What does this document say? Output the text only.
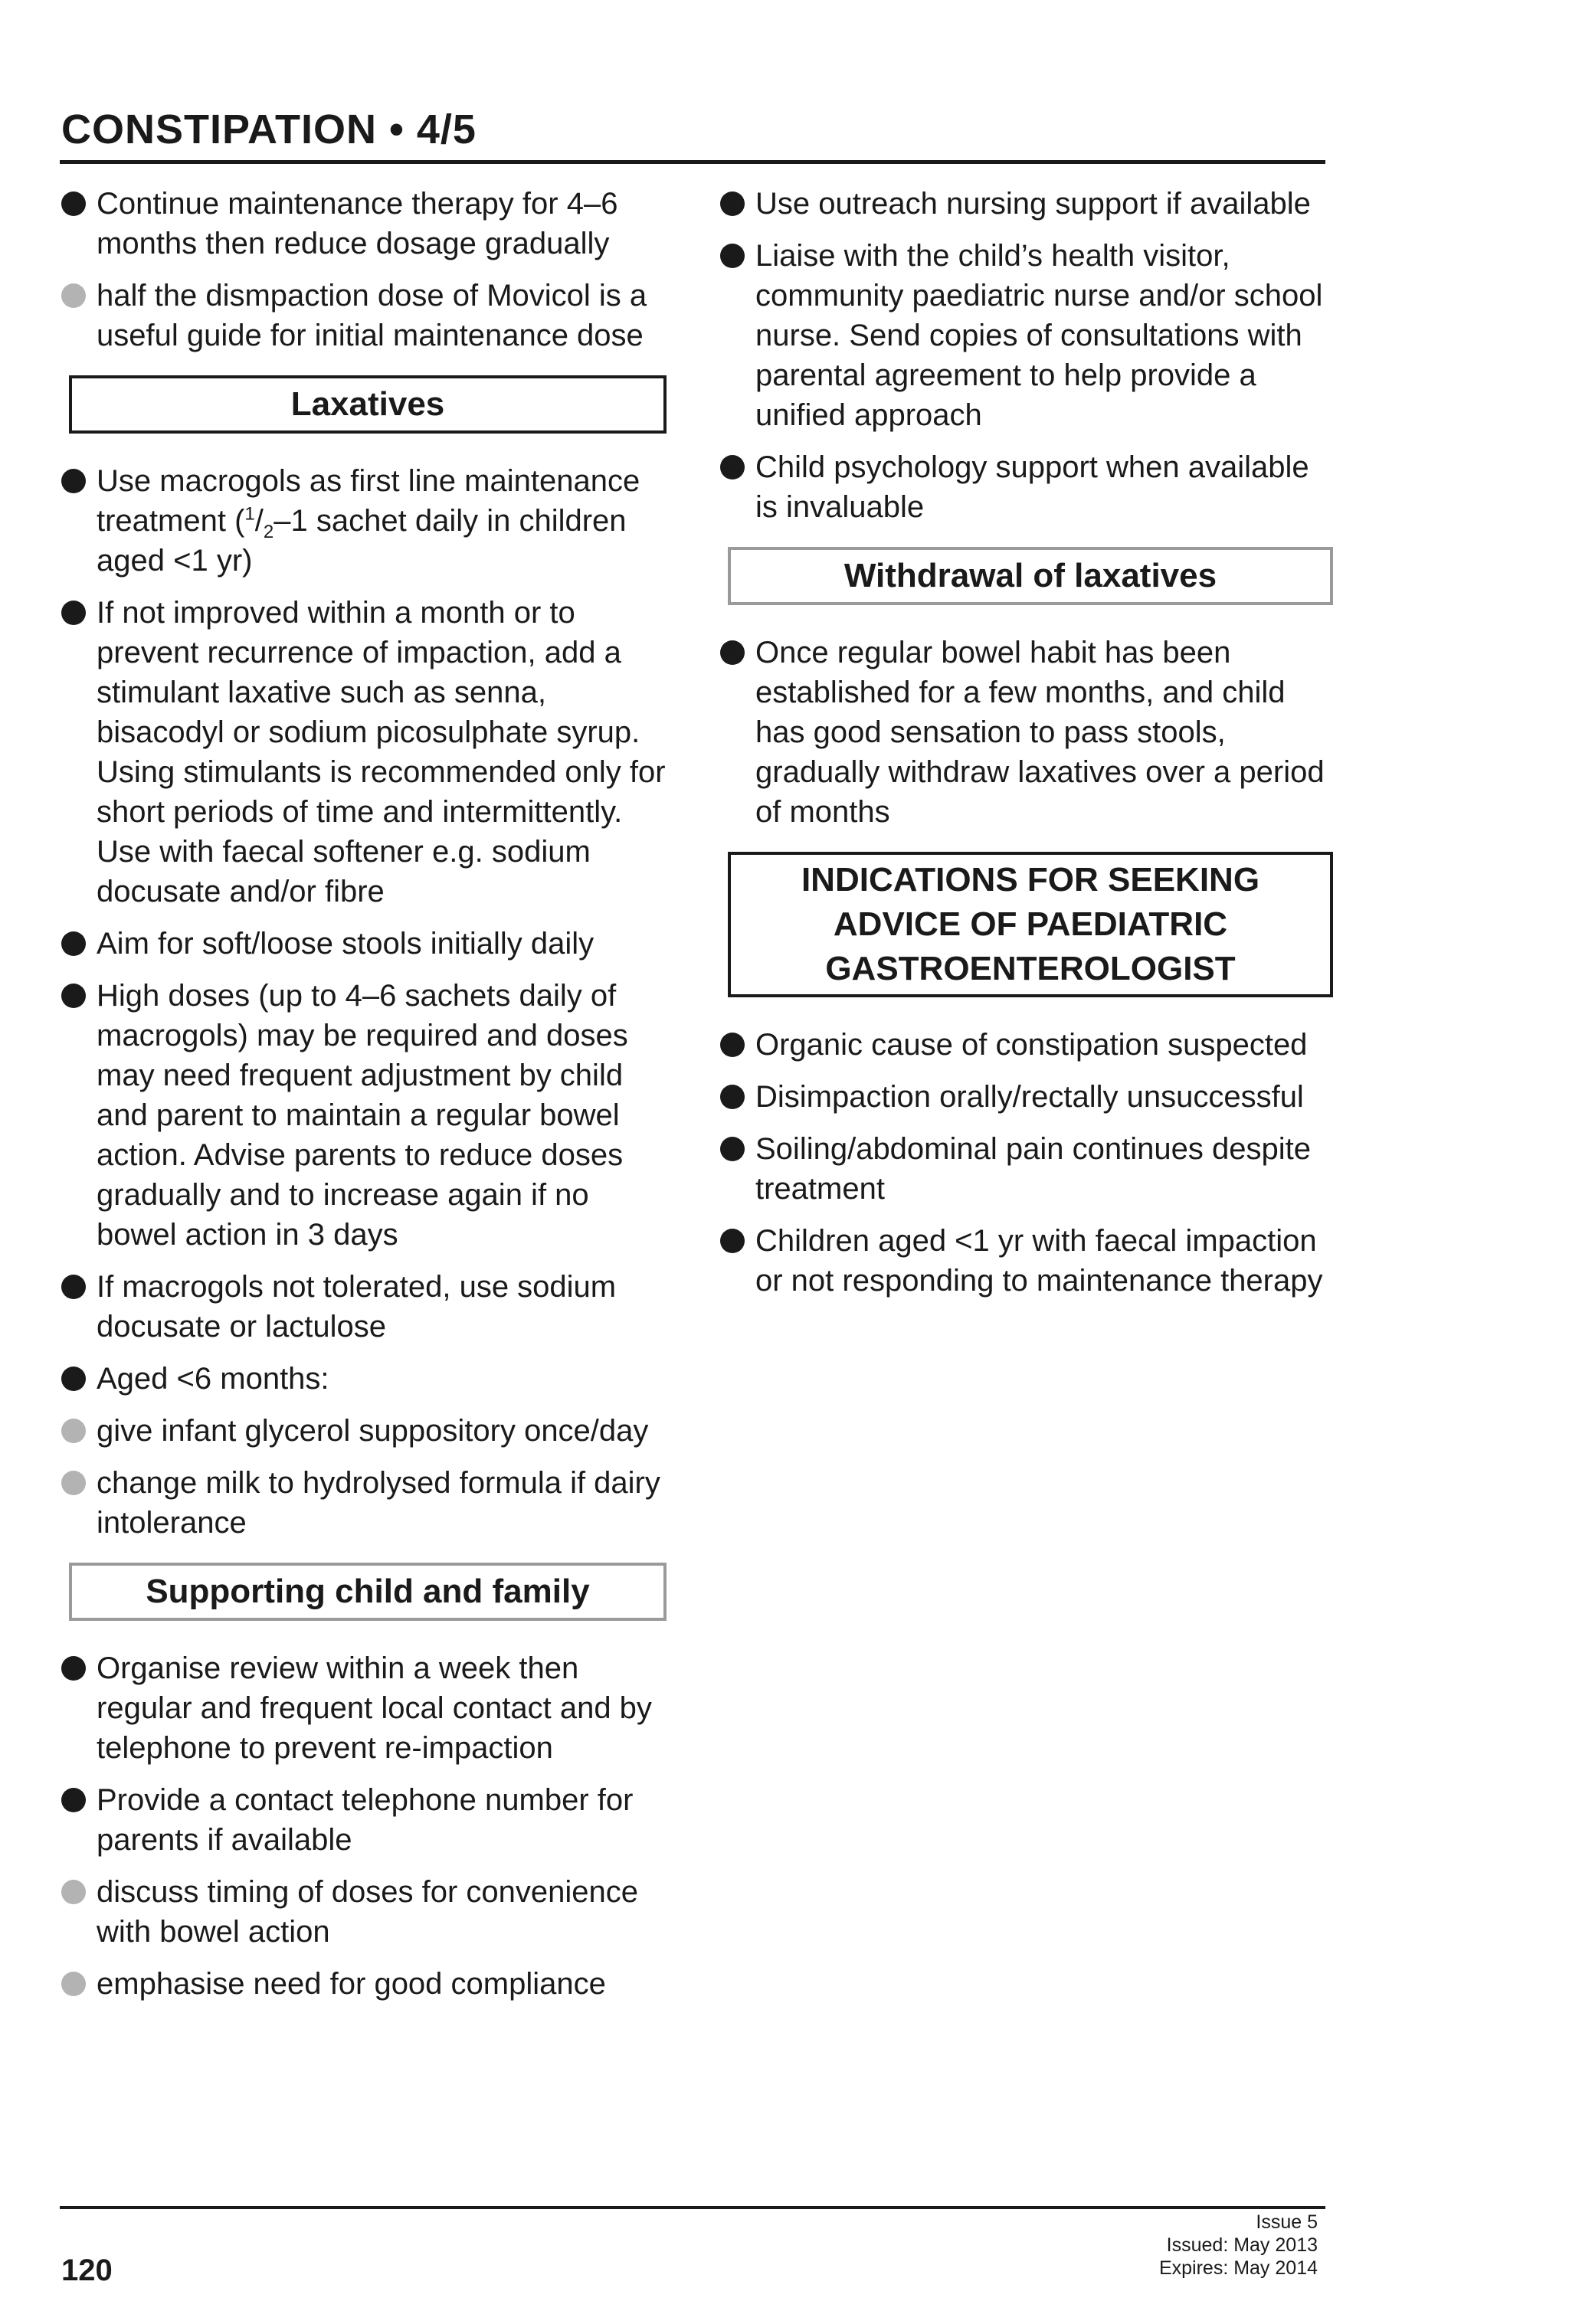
CONSTIPATION • 4/5
Continue maintenance therapy for 4–6 months then reduce dosage gradually
half the dismpaction dose of Movicol is a useful guide for initial maintenance dose
Laxatives
Use macrogols as first line maintenance treatment ($^1/_2-1$ sachet daily in children aged <1 yr)
If not improved within a month or to prevent recurrence of impaction, add a stimulant laxative such as senna, bisacodyl or sodium picosulphate syrup. Using stimulants is recommended only for short periods of time and intermittently. Use with faecal softener e.g. sodium docusate and/or fibre
Aim for soft/loose stools initially daily
High doses (up to 4–6 sachets daily of macrogols) may be required and doses may need frequent adjustment by child and parent to maintain a regular bowel action. Advise parents to reduce doses gradually and to increase again if no bowel action in 3 days
If macrogols not tolerated, use sodium docusate or lactulose
Aged <6 months:
give infant glycerol suppository once/day
change milk to hydrolysed formula if dairy intolerance
Supporting child and family
Organise review within a week then regular and frequent local contact and by telephone to prevent re-impaction
Provide a contact telephone number for parents if available
discuss timing of doses for convenience with bowel action
emphasise need for good compliance
Use outreach nursing support if available
Liaise with the child’s health visitor, community paediatric nurse and/or school nurse. Send copies of consultations with parental agreement to help provide a unified approach
Child psychology support when available is invaluable
Withdrawal of laxatives
Once regular bowel habit has been established for a few months, and child has good sensation to pass stools, gradually withdraw laxatives over a period of months
INDICATIONS FOR SEEKING
ADVICE OF PAEDIATRIC
GASTROENTEROLOGIST
Organic cause of constipation suspected
Disimpaction orally/rectally unsuccessful
Soiling/abdominal pain continues despite treatment
Children aged <1 yr with faecal impaction or not responding to maintenance therapy
120
Issue 5
Issued: May 2013
Expires: May 2014
